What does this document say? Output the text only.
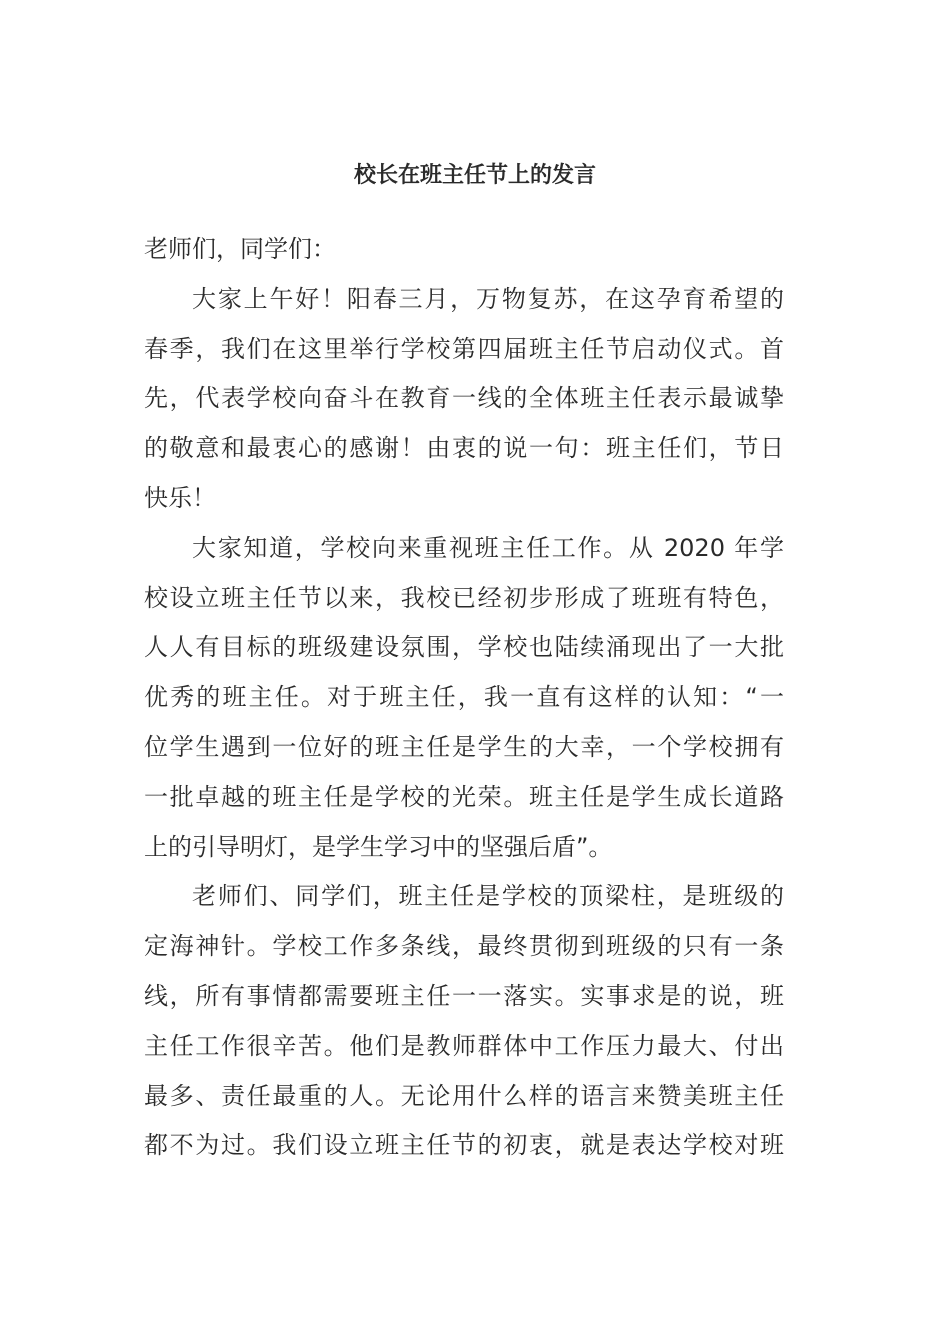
校长在班主任节上的发言

老师们，同学们：

大家上午好！阳春三月，万物复苏，在这孕育希望的
春季，我们在这里举行学校第四届班主任节启动仪式。首
先，代表学校向奋斗在教育一线的全体班主任表示最诚挚
的敬意和最衷心的感谢！由衷的说一句：班主任们，节日
快乐！

大家知道，学校向来重视班主任工作。从 2020 年学
校设立班主任节以来，我校已经初步形成了班班有特色，
人人有目标的班级建设氛围，学校也陆续涌现出了一大批
优秀的班主任。对于班主任，我一直有这样的认知：“一
位学生遇到一位好的班主任是学生的大幸，一个学校拥有
一批卓越的班主任是学校的光荣。班主任是学生成长道路
上的引导明灯，是学生学习中的坚强后盾”。

老师们、同学们，班主任是学校的顶梁柱，是班级的
定海神针。学校工作多条线，最终贯彻到班级的只有一条
线，所有事情都需要班主任一一落实。实事求是的说，班
主任工作很辛苦。他们是教师群体中工作压力最大、付出
最多、责任最重的人。无论用什么样的语言来赞美班主任
都不为过。我们设立班主任节的初衷，就是表达学校对班
